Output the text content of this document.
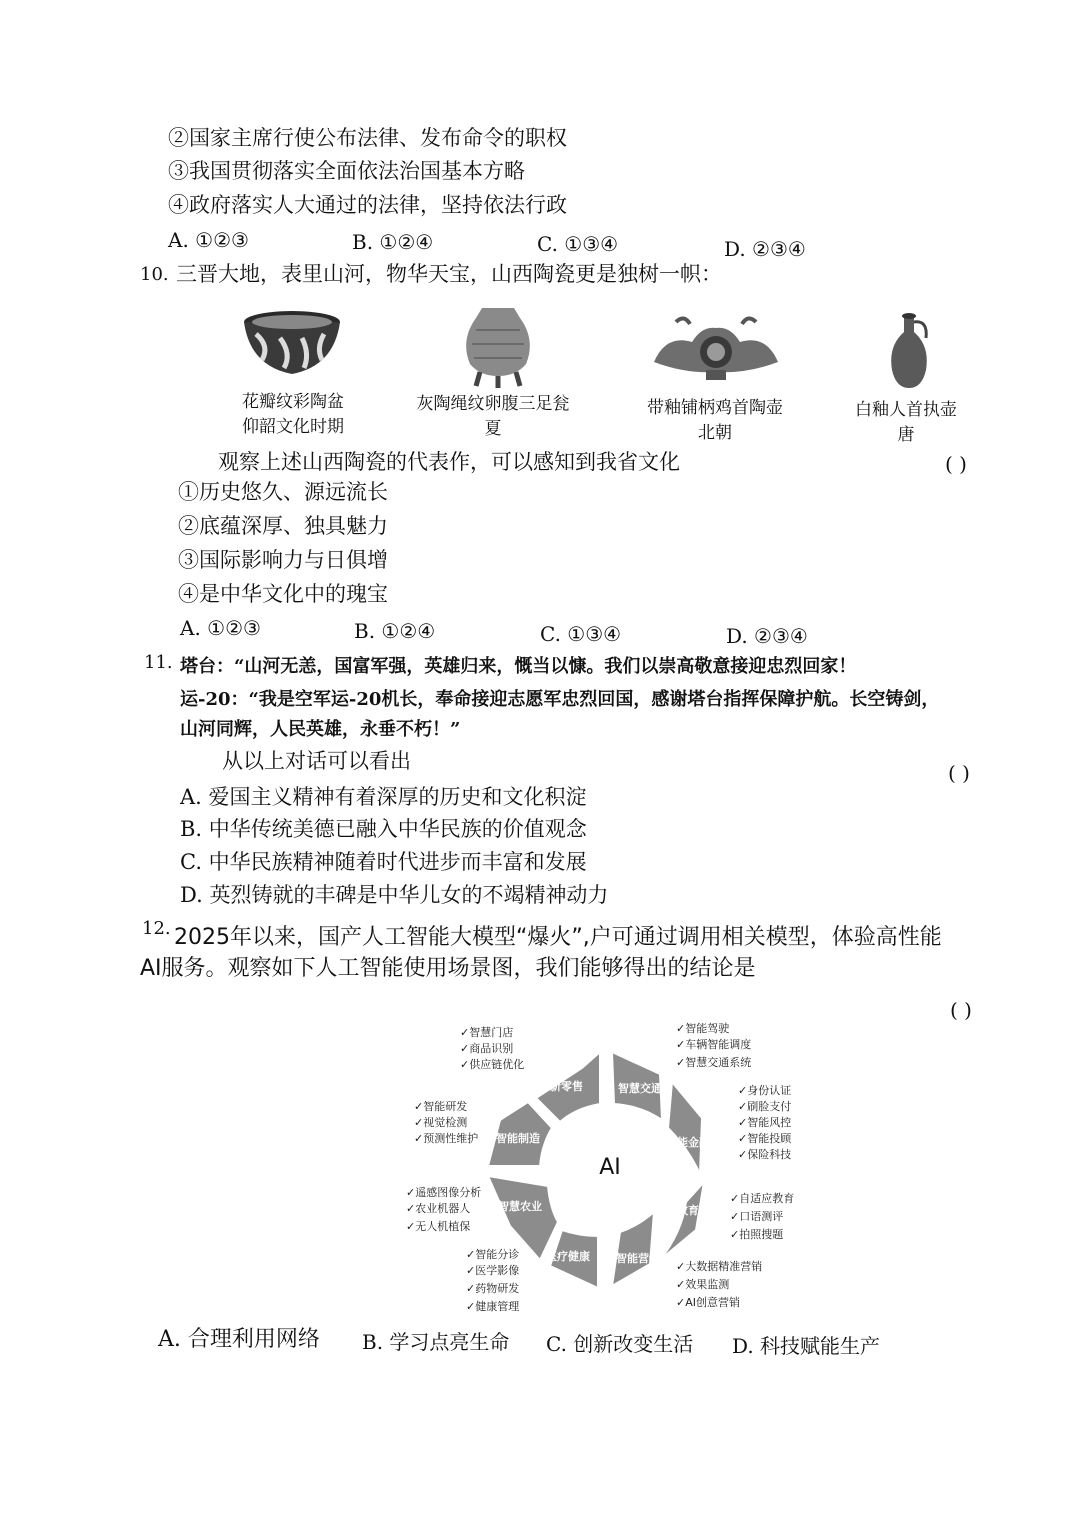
②国家主席行使公布法律、发布命令的职权
③我国贯彻落实全面依法治国基本方略
④政府落实人大通过的法律，坚持依法行政
A. ①②③	B. ①②④	C. ①③④	D. ②③④
10. 三晋大地，表里山河，物华天宝，山西陶瓷更是独树一帜：
花瓣纹彩陶盆
仰韶文化时期
灰陶绳纹卵腹三足瓮
夏
带釉铺柄鸡首陶壶
北朝
白釉人首执壶
唐
观察上述山西陶瓷的代表作，可以感知到我省文化	( )
①历史悠久、源远流长
②底蕴深厚、独具魅力
③国际影响力与日俱增
④是中华文化中的瑰宝
A. ①②③	B. ①②④	C. ①③④	D. ②③④
11. 塔台：“山河无恙，国富军强，英雄归来，慨当以慷。我们以崇高敬意接迎忠烈回家！
运-20：“我是空军运-20机长，奉命接迎志愿军忠烈回国，感谢塔台指挥保障护航。长空铸剑，
山河同辉，人民英雄，永垂不朽！”
从以上对话可以看出	( )
A. 爱国主义精神有着深厚的历史和文化积淀
B. 中华传统美德已融入中华民族的价值观念
C. 中华民族精神随着时代进步而丰富和发展
D. 英烈铸就的丰碑是中华儿女的不竭精神动力
12. 2025年以来，国产人工智能大模型“爆火”,户可通过调用相关模型，体验高性能
AI服务。观察如下人工智能使用场景图，我们能够得出的结论是
( )
AI
新零售	智慧交通
智能金融
能教育
智能营销
医疗健康
智慧农业
智能制造
✓智慧门店
✓商品识别
✓供应链优化
✓智能驾驶
✓车辆智能调度
✓智慧交通系统
✓身份认证
✓刷脸支付
✓智能风控
✓智能投顾
✓保险科技
✓自适应教育
✓口语测评
✓拍照搜题
✓大数据精准营销
✓效果监测
✓AI创意营销
✓智能分诊
✓医学影像
✓药物研发
✓健康管理
✓遥感图像分析
✓农业机器人
✓无人机植保
✓智能研发
✓视觉检测
✓预测性维护
A. 合理利用网络 B. 学习点亮生命 C. 创新改变生活 D. 科技赋能生产
